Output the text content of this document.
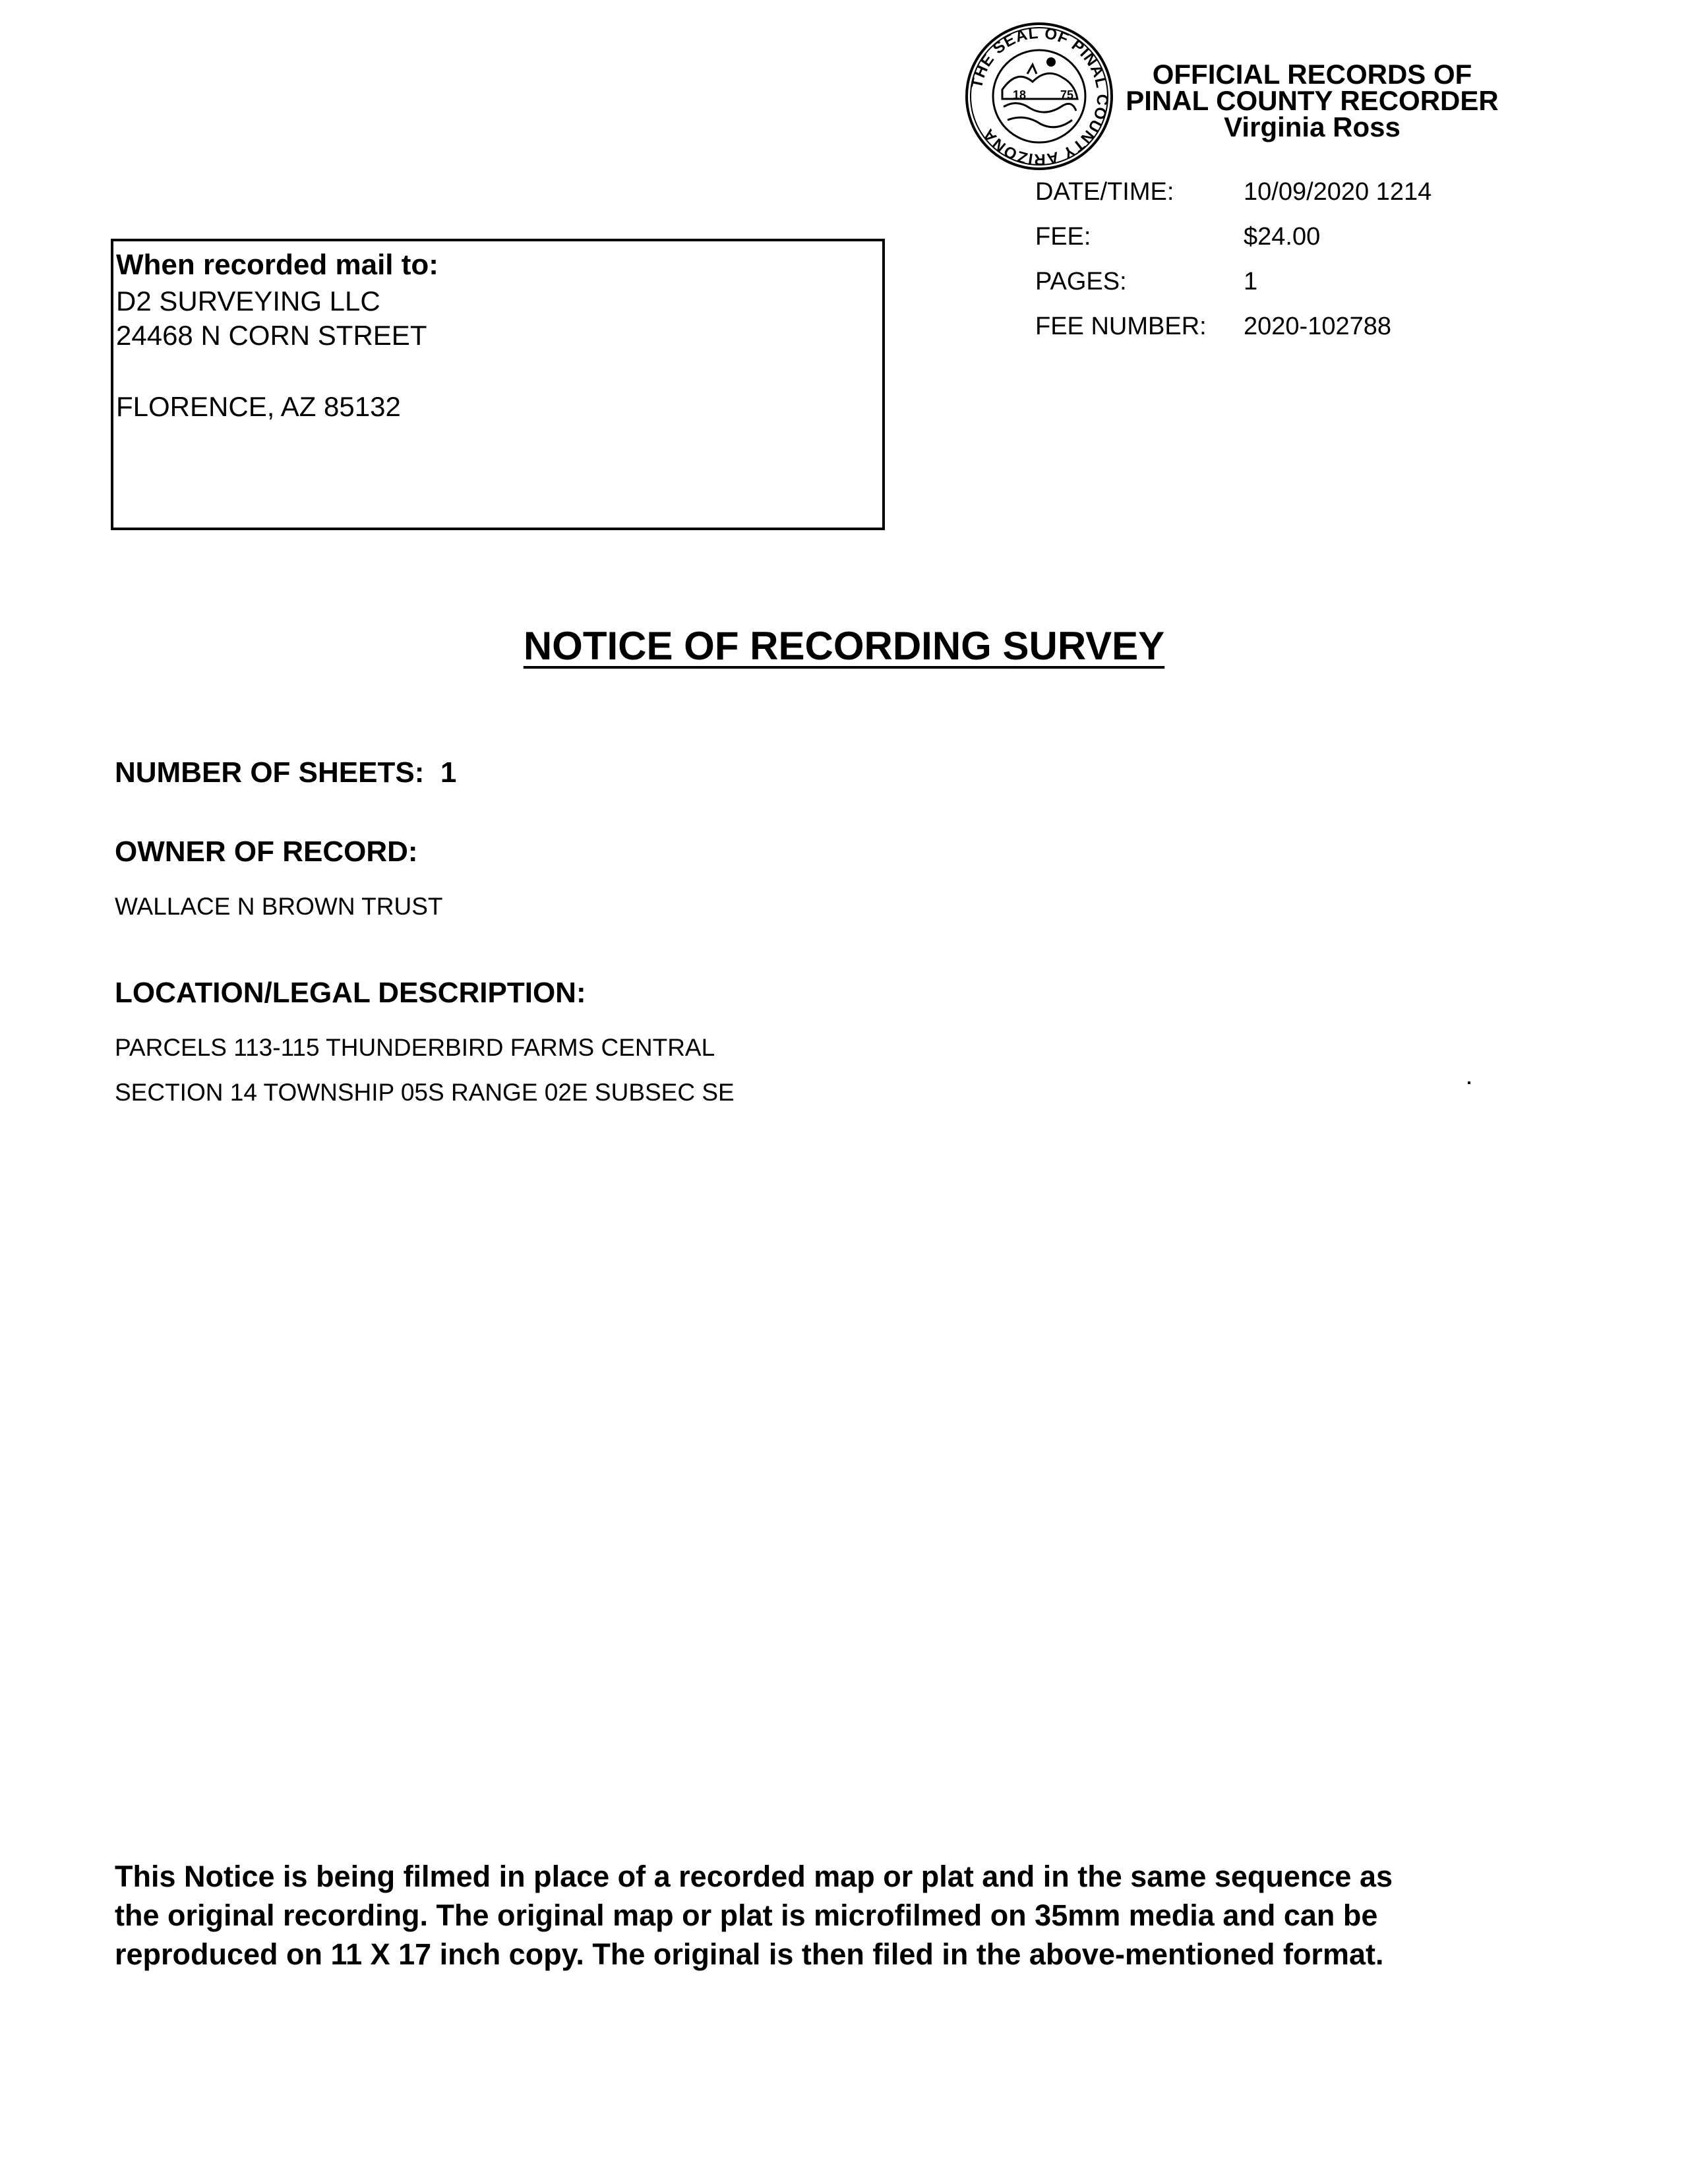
THE SEAL OF PINAL COUNTY ARIZONA
18	75
OFFICIAL RECORDS OF
PINAL COUNTY RECORDER
Virginia Ross
DATE/TIME:	10/09/2020 1214
FEE:	$24.00
PAGES:	1
FEE NUMBER: 2020-102788
When recorded mail to:
D2 SURVEYING LLC
24468 N CORN STREET
FLORENCE, AZ 85132
NOTICE OF RECORDING SURVEY
NUMBER OF SHEETS: 1
OWNER OF RECORD:
WALLACE N BROWN TRUST
LOCATION/LEGAL DESCRIPTION:
PARCELS 113-115 THUNDERBIRD FARMS CENTRAL
SECTION 14 TOWNSHIP 05S RANGE 02E SUBSEC SE
This Notice is being filmed in place of a recorded map or plat and in the same sequence as
the original recording. The original map or plat is microfilmed on 35mm media and can be
reproduced on 11 X 17 inch copy. The original is then filed in the above-mentioned format.
